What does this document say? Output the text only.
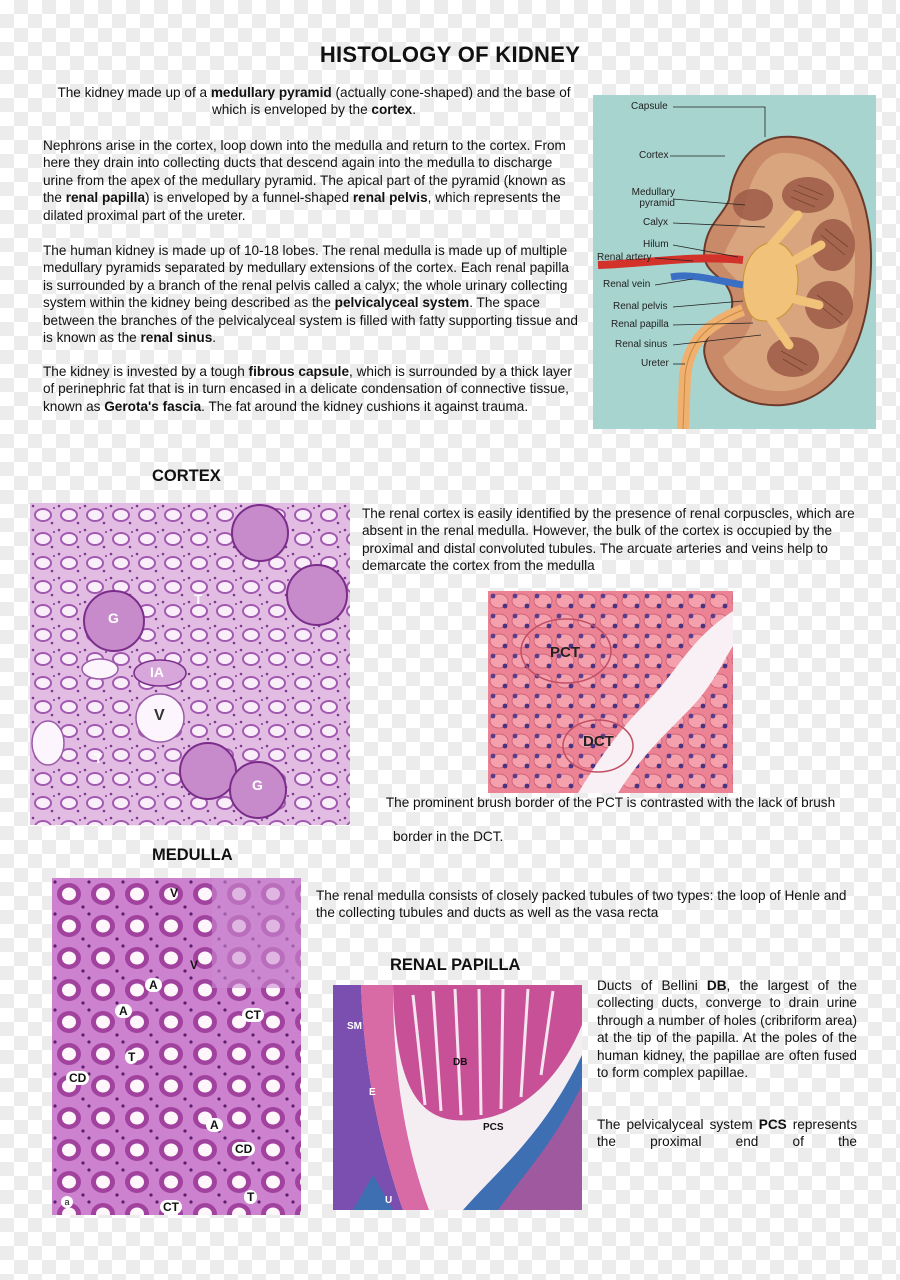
HISTOLOGY OF KIDNEY
The kidney made up of a medullary pyramid (actually cone-shaped) and the base of which is enveloped by the cortex.
Nephrons arise in the cortex, loop down into the medulla and return to the cortex. From here they drain into collecting ducts that descend again into the medulla to discharge urine from the apex of the medullary pyramid. The apical part of the pyramid (known as the renal papilla) is enveloped by a funnel-shaped renal pelvis, which represents the dilated proximal part of the ureter.
The human kidney is made up of 10-18 lobes. The renal medulla is made up of multiple medullary pyramids separated by medullary extensions of the cortex. Each renal papilla is surrounded by a branch of the renal pelvis called a calyx; the whole urinary collecting system within the kidney being described as the pelvicalyceal system. The space between the branches of the pelvicalyceal system is filled with fatty supporting tissue and is known as the renal sinus.
The kidney is invested by a tough fibrous capsule, which is surrounded by a thick layer of perinephric fat that is in turn encased in a delicate condensation of connective tissue, known as Gerota's fascia. The fat around the kidney cushions it against trauma.
Capsule
Cortex
Medullary pyramid
Calyx
Hilum
Renal artery
Renal vein
Renal pelvis
Renal papilla
Renal sinus
Ureter
CORTEX
G
T
G
IA
V
T
The renal cortex is easily identified by the presence of renal corpuscles, which are absent in the renal medulla. However, the bulk of the cortex is occupied by the proximal and distal convoluted tubules. The arcuate arteries and veins help to demarcate the cortex from the medulla
PCT
DCT
The prominent brush border of the PCT is contrasted with the lack of brush
border in the DCT.
MEDULLA
V
V
A
A	CT
T
CD
A
CD
T
CT
a
The renal medulla consists of closely packed tubules of two types: the loop of Henle and the collecting tubules and ducts as well as the vasa recta
RENAL PAPILLA
SM
DB
E
PCS
U
Ducts of Bellini DB, the largest of the collecting ducts, converge to drain urine through a number of holes (cribriform area) at the tip of the papilla. At the poles of the human kidney, the papillae are often fused to form complex papillae.
The pelvicalyceal system PCS represents the proximal end of the
